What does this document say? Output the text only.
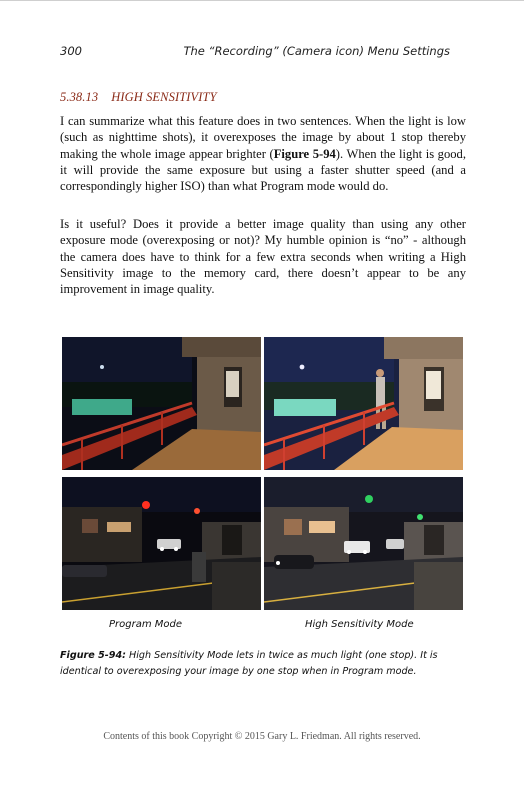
300	The “Recording” (Camera icon) Menu Settings
5.38.13 HIGH SENSITIVITY
I can summarize what this feature does in two sentences. When the light is low (such as nighttime shots), it overexposes the image by about 1 stop thereby making the whole image appear brighter (Figure 5-94). When the light is good, it will provide the same exposure but using a faster shutter speed (and a correspondingly higher ISO) than what Program mode would do.
Is it useful? Does it provide a better image quality than using any other exposure mode (overexposing or not)? My humble opinion is “no” - although the camera does have to think for a few extra seconds when writing a High Sensitivity image to the memory card, there doesn’t appear to be any improvement in image quality.
Program Mode	High Sensitivity Mode
Figure 5-94: High Sensitivity Mode lets in twice as much light (one stop). It is identical to overexposing your image by one stop when in Program mode.
Contents of this book Copyright © 2015 Gary L. Friedman. All rights reserved.
